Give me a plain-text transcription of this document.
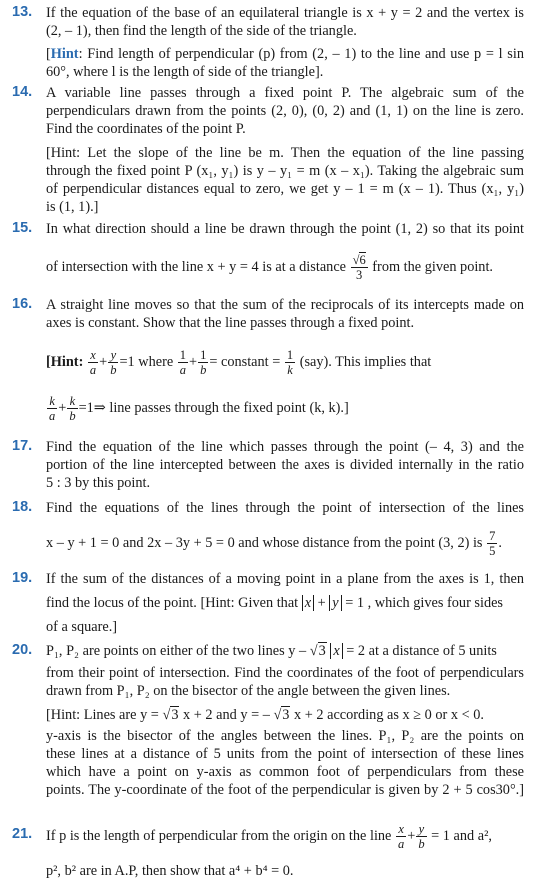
13. If the equation of the base of an equilateral triangle is x + y = 2 and the vertex is
(2, – 1), then find the length of the side of the triangle.
[Hint: Find length of perpendicular (p) from (2, – 1) to the line and use p = l sin
60°, where l is the length of side of the triangle].
14. A variable line passes through a fixed point P. The algebraic sum of the
perpendiculars drawn from the points (2, 0), (0, 2) and (1, 1) on the line is zero.
Find the coordinates of the point P.
[Hint: Let the slope of the line be m. Then the equation of the line passing
through the fixed point P (x₁, y₁) is y – y₁ = m (x – x₁). Taking the algebraic sum
of perpendicular distances equal to zero, we get y – 1 = m (x – 1). Thus (x₁, y₁)
is (1, 1).]
15. In what direction should a line be drawn through the point (1, 2) so that its point
of intersection with the line x + y = 4 is at a distance $\frac{√6}{3}$ from the given point.
16. A straight line moves so that the sum of the reciprocals of its intercepts made on
axes is constant. Show that the line passes through a fixed point.
[Hint: $\frac{x}{a} + \frac{y}{b} =1$ where $\frac{1}{a} + \frac{1}{b}$ = constant = $\frac{1}{k} (say)$. This implies that
$\frac{k}{a} + \frac{k}{b}$ =1⇒ line passes through the fixed point (k, k).]
17. Find the equation of the line which passes through the point (– 4, 3) and the
portion of the line intercepted between the axes is divided internally in the ratio
5 : 3 by this point.
18. Find the equations of the lines through the point of intersection of the lines
x – y + 1 = 0 and 2x – 3y + 5 = 0 and whose distance from the point (3, 2) is $\frac{7}{5}$ .
19. If the sum of the distances of a moving point in a plane from the axes is 1, then
find the locus of the point. [Hint: Given that x + y = 1 , which gives four sides
of a square.]
20. P₁, P₂ are points on either of the two lines y – √3 x = 2 at a distance of 5 units
from their point of intersection. Find the coordinates of the foot of perpendiculars
drawn from P₁, P₂ on the bisector of the angle between the given lines.
[Hint: Lines are y = √3 x + 2 and y = – √3 x + 2 according as x ≥ 0 or x < 0.
y-axis is the bisector of the angles between the lines. P₁, P₂ are the points on
these lines at a distance of 5 units from the point of intersection of these lines
which have a point on y-axis as common foot of perpendiculars from these
points. The y-coordinate of the foot of the perpendicular is given by 2 + 5 cos30°.]
21. If p is the length of perpendicular from the origin on the line $\frac{x}{a} + \frac{y}{b} = 1$ and a²,
p², b² are in A.P, then show that a⁴ + b⁴ = 0.
